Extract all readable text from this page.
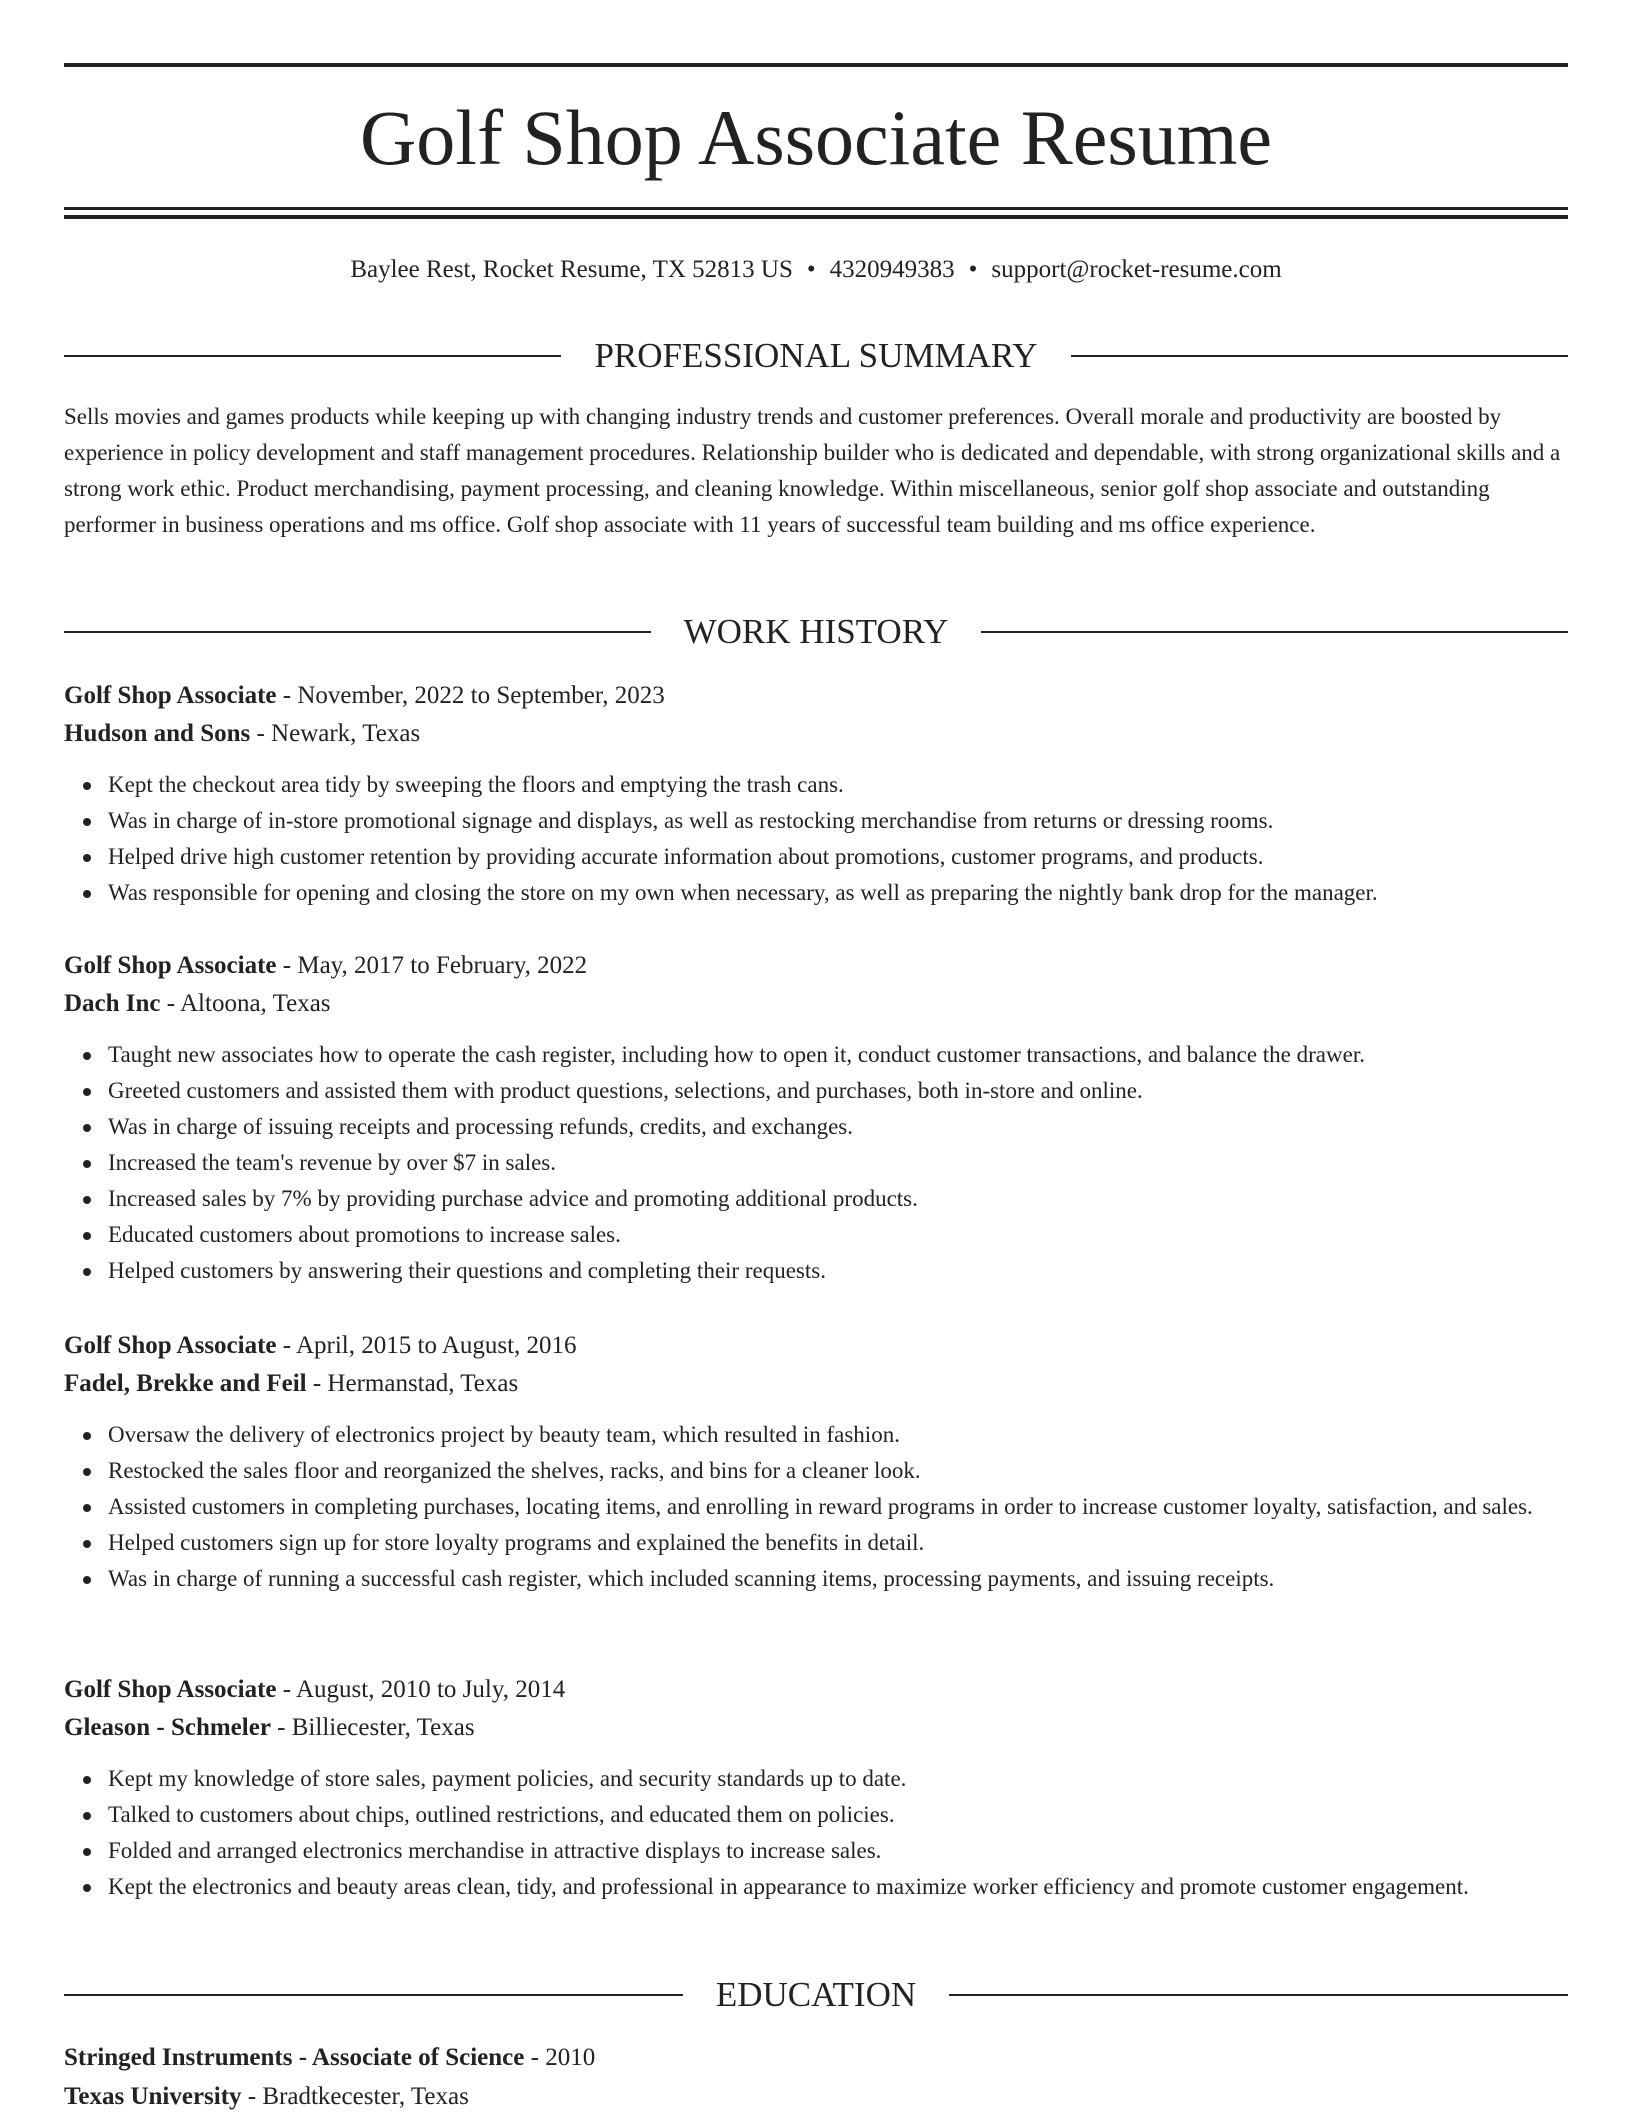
Golf Shop Associate Resume
Baylee Rest, Rocket Resume, TX 52813 US • 4320949383 • support@rocket-resume.com
PROFESSIONAL SUMMARY

Sells movies and games products while keeping up with changing industry trends and customer preferences. Overall morale and productivity are boosted by experience in policy development and staff management procedures. Relationship builder who is dedicated and dependable, with strong organizational skills and a strong work ethic. Product merchandising, payment processing, and cleaning knowledge. Within miscellaneous, senior golf shop associate and outstanding performer in business operations and ms office. Golf shop associate with 11 years of successful team building and ms office experience.

WORK HISTORY
Golf Shop Associate - November, 2022 to September, 2023
Hudson and Sons - Newark, Texas
Kept the checkout area tidy by sweeping the floors and emptying the trash cans.
Was in charge of in-store promotional signage and displays, as well as restocking merchandise from returns or dressing rooms.
Helped drive high customer retention by providing accurate information about promotions, customer programs, and products.
Was responsible for opening and closing the store on my own when necessary, as well as preparing the nightly bank drop for the manager.
Golf Shop Associate - May, 2017 to February, 2022
Dach Inc - Altoona, Texas
Taught new associates how to operate the cash register, including how to open it, conduct customer transactions, and balance the drawer.
Greeted customers and assisted them with product questions, selections, and purchases, both in-store and online.
Was in charge of issuing receipts and processing refunds, credits, and exchanges.
Increased the team's revenue by over $7 in sales.
Increased sales by 7% by providing purchase advice and promoting additional products.
Educated customers about promotions to increase sales.
Helped customers by answering their questions and completing their requests.
Golf Shop Associate - April, 2015 to August, 2016
Fadel, Brekke and Feil - Hermanstad, Texas
Oversaw the delivery of electronics project by beauty team, which resulted in fashion.
Restocked the sales floor and reorganized the shelves, racks, and bins for a cleaner look.
Assisted customers in completing purchases, locating items, and enrolling in reward programs in order to increase customer loyalty, satisfaction, and sales.
Helped customers sign up for store loyalty programs and explained the benefits in detail.
Was in charge of running a successful cash register, which included scanning items, processing payments, and issuing receipts.
Golf Shop Associate - August, 2010 to July, 2014
Gleason - Schmeler - Billiecester, Texas
Kept my knowledge of store sales, payment policies, and security standards up to date.
Talked to customers about chips, outlined restrictions, and educated them on policies.
Folded and arranged electronics merchandise in attractive displays to increase sales.
Kept the electronics and beauty areas clean, tidy, and professional in appearance to maximize worker efficiency and promote customer engagement.
EDUCATION
Stringed Instruments - Associate of Science - 2010
Texas University - Bradtkecester, Texas
